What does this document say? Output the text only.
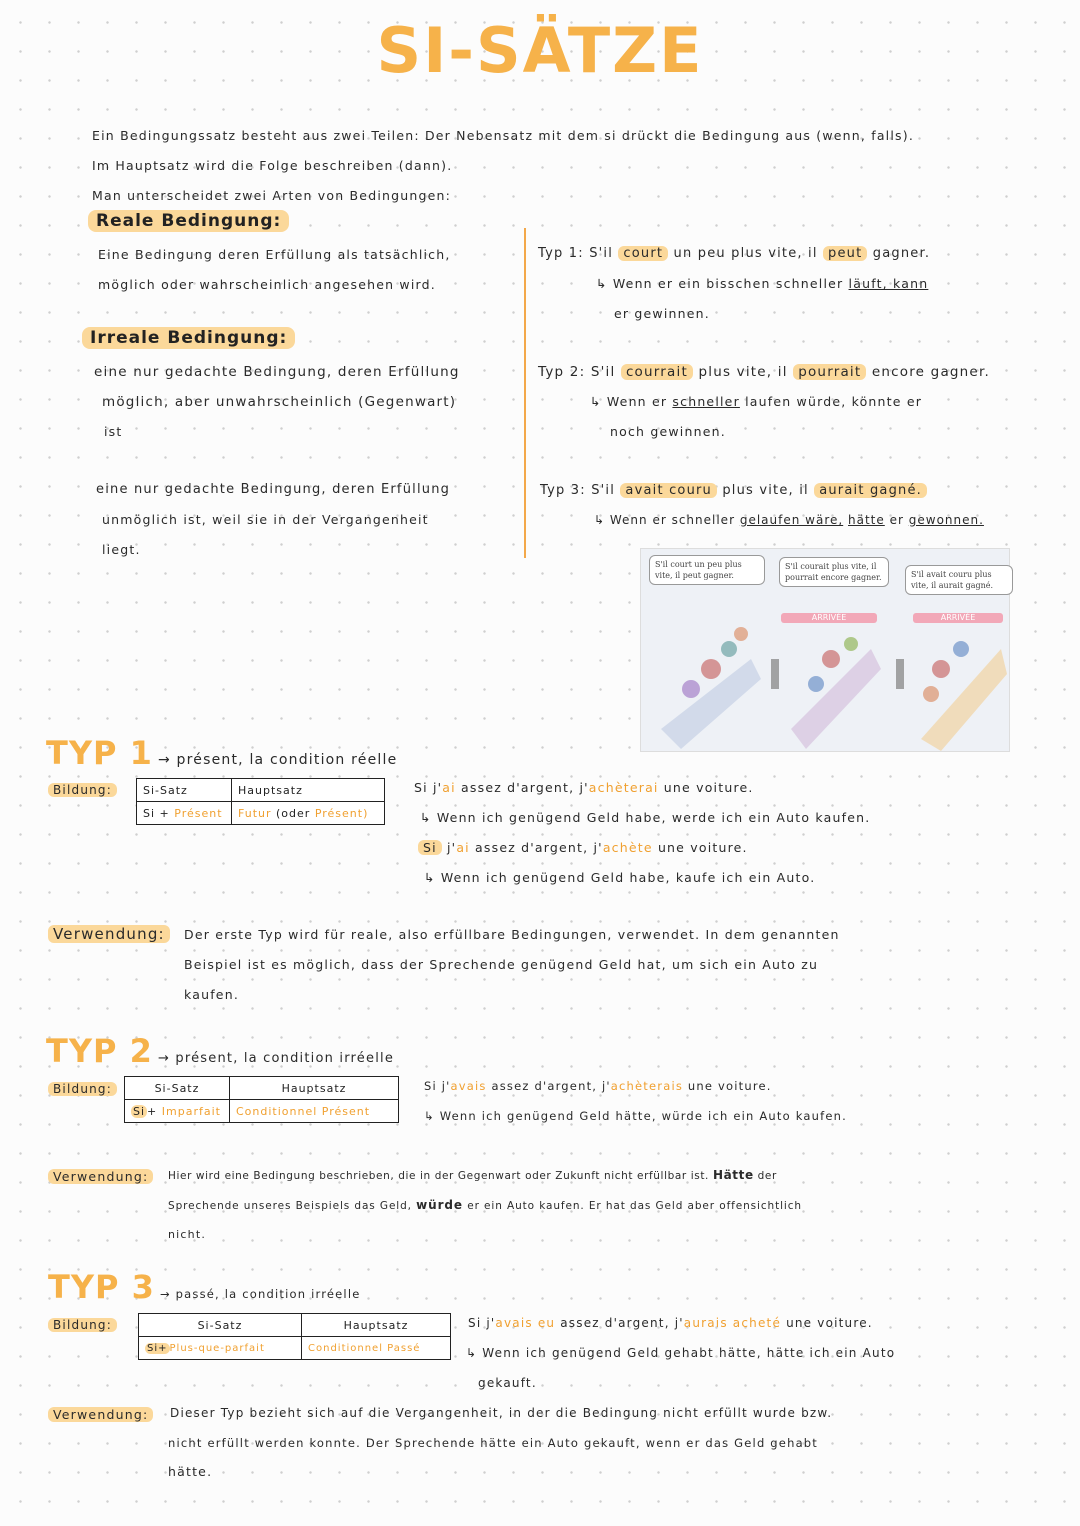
SI-SÄTZE
Ein Bedingungssatz besteht aus zwei Teilen: Der Nebensatz mit dem si drückt die Bedingung aus (wenn, falls).
Im Hauptsatz wird die Folge beschreiben (dann).
Man unterscheidet zwei Arten von Bedingungen:
Reale Bedingung:
Eine Bedingung deren Erfüllung als tatsächlich,
möglich oder wahrscheinlich angesehen wird.
Irreale Bedingung:
eine nur gedachte Bedingung, deren Erfüllung
möglich, aber unwahrscheinlich (Gegenwart)
ist
eine nur gedachte Bedingung, deren Erfüllung
unmöglich ist, weil sie in der Vergangenheit
liegt.
Typ 1: S'il court un peu plus vite, il peut gagner.
↳ Wenn er ein bisschen schneller läuft, kann
er gewinnen.
Typ 2: S'il courrait plus vite, il pourrait encore gagner.
↳ Wenn er schneller laufen würde, könnte er
noch gewinnen.
Typ 3: S'il avait couru plus vite, il aurait gagné.
↳ Wenn er schneller gelaufen wäre, hätte er gewonnen.
S'il court un peu plus vite, il peut gagner.
S'il courait plus vite, il pourrait encore gagner.	S'il avait couru plus vite, il aurait gagné.
ARRIVÉE	ARRIVÉE
TYP 1 → présent, la condition réelle
Bildung:	Si-Satz	Hauptsatz
Si + Présent	Futur (oder Présent)
Si j'ai assez d'argent, j'achèterai une voiture.
↳ Wenn ich genügend Geld habe, werde ich ein Auto kaufen.
Si j'ai assez d'argent, j'achète une voiture.
↳ Wenn ich genügend Geld habe, kaufe ich ein Auto.
Verwendung:	Der erste Typ wird für reale, also erfüllbare Bedingungen, verwendet. In dem genannten
Beispiel ist es möglich, dass der Sprechende genügend Geld hat, um sich ein Auto zu
kaufen.
TYP 2 → présent, la condition irréelle
Bildung:	Si-Satz	Hauptsatz
Si + Imparfait	Conditionnel Présent
Si j'avais assez d'argent, j'achèterais une voiture.
↳ Wenn ich genügend Geld hätte, würde ich ein Auto kaufen.
Verwendung:	Hier wird eine Bedingung beschrieben, die in der Gegenwart oder Zukunft nicht erfüllbar ist. Hätte der
Sprechende unseres Beispiels das Geld, würde er ein Auto kaufen. Er hat das Geld aber offensichtlich
nicht.
TYP 3 → passé, la condition irréelle
Bildung:	Si-Satz	Hauptsatz
Si+ Plus-que-parfait	Conditionnel Passé
Si j'avais eu assez d'argent, j'aurais acheté une voiture.
↳ Wenn ich genügend Geld gehabt hätte, hätte ich ein Auto
gekauft.
Verwendung:	Dieser Typ bezieht sich auf die Vergangenheit, in der die Bedingung nicht erfüllt wurde bzw.
nicht erfüllt werden konnte. Der Sprechende hätte ein Auto gekauft, wenn er das Geld gehabt
hätte.
